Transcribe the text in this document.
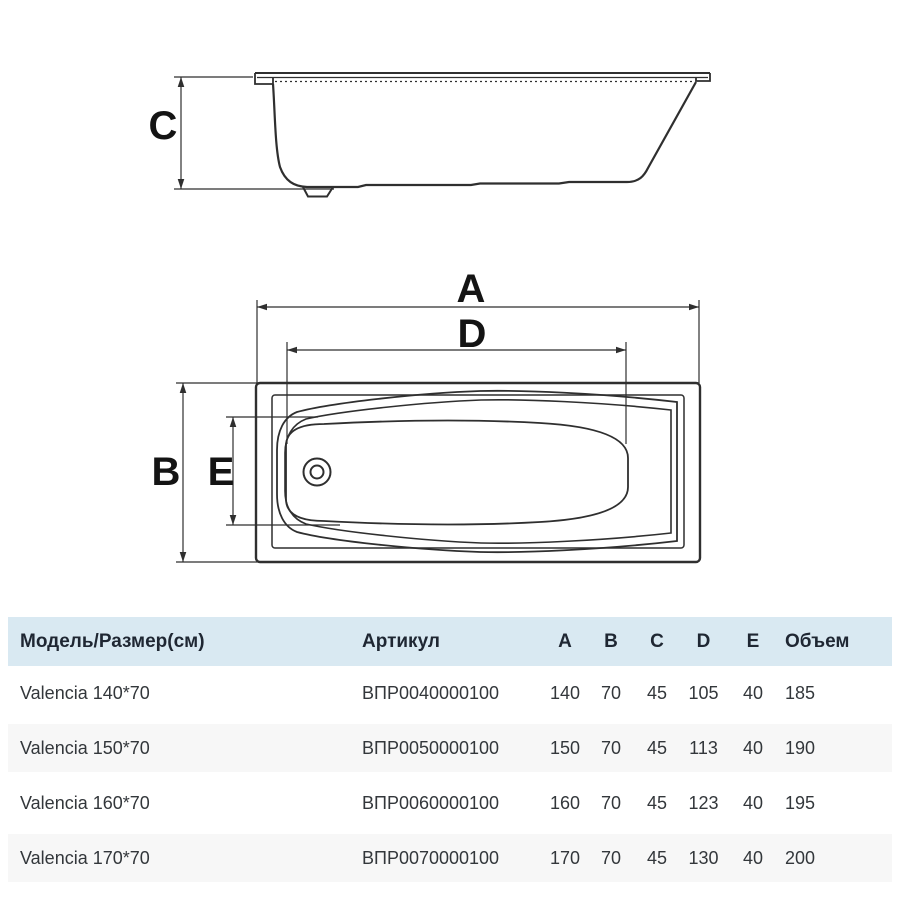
C
A
D
B E
Модель/Размер(см)	Артикул	A	B	C	D	E	Объем
Valencia 140*70	ВПР0040000100	140	70	45	105	40	185
Valencia 150*70	ВПР0050000100	150	70	45	113	40	190
Valencia 160*70	ВПР0060000100	160	70	45	123	40	195
Valencia 170*70	ВПР0070000100	170	70	45	130	40	200
